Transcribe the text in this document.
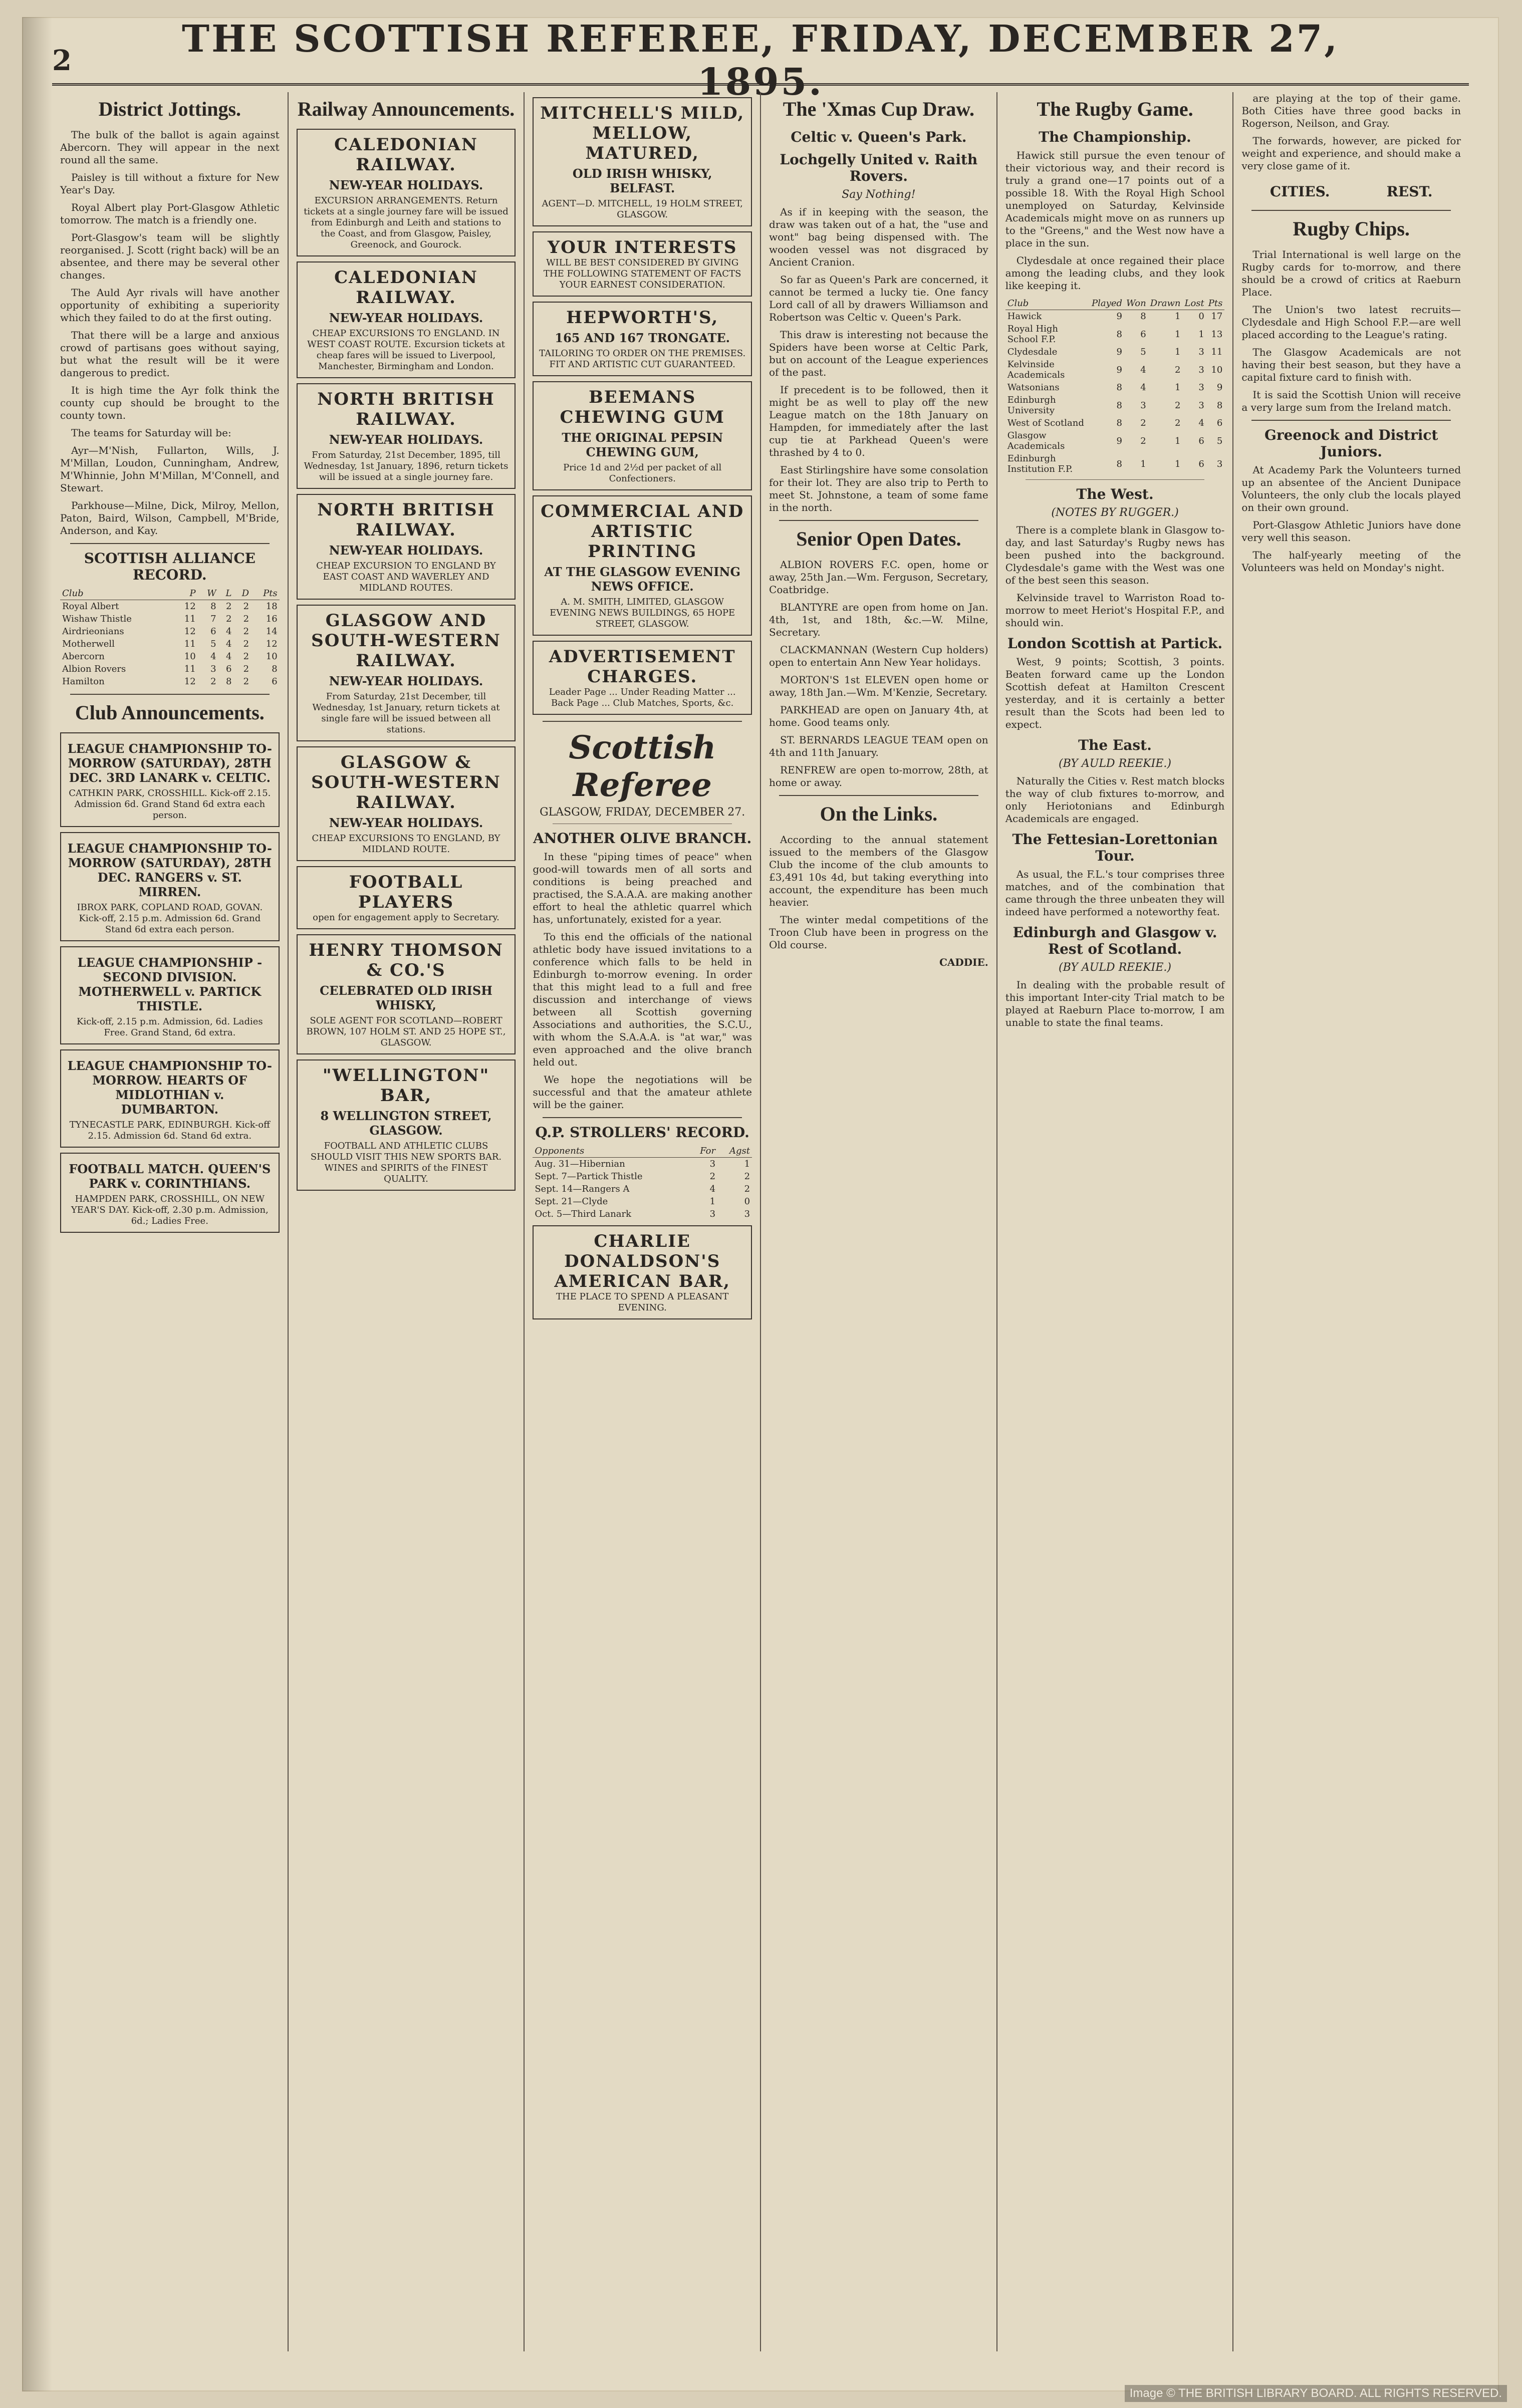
2	THE SCOTTISH REFEREE, FRIDAY, DECEMBER 27, 1895.
District Jottings.
The bulk of the ballot is again against Abercorn. They will appear in the next round all the same.
Paisley is till without a fixture for New Year's Day.
Royal Albert play Port-Glasgow Athletic tomorrow. The match is a friendly one.
Port-Glasgow's team will be slightly reorganised. J. Scott (right back) will be an absentee, and there may be several other changes.
The Auld Ayr rivals will have another opportunity of exhibiting a superiority which they failed to do at the first outing.
That there will be a large and anxious crowd of partisans goes without saying, but what the result will be it were dangerous to predict.
It is high time the Ayr folk think the county cup should be brought to the county town.
The teams for Saturday will be:
Ayr—M'Nish, Fullarton, Wills, J. M'Millan, Loudon, Cunningham, Andrew, M'Whinnie, John M'Millan, M'Connell, and Stewart.
Parkhouse—Milne, Dick, Milroy, Mellon, Paton, Baird, Wilson, Campbell, M'Bride, Anderson, and Kay.
SCOTTISH ALLIANCE RECORD.
Club	P	W	L	D	Pts
Royal Albert	12	8	2	2	18
Wishaw Thistle	11	7	2	2	16
Airdrieonians	12	6	4	2	14
Motherwell	11	5	4	2	12
Abercorn	10	4	4	2	10
Albion Rovers	11	3	6	2	8
Hamilton	12	2	8	2	6
Club Announcements.
LEAGUE CHAMPIONSHIP TO-MORROW (SATURDAY), 28TH DEC. 3RD LANARK v. CELTIC.
CATHKIN PARK, CROSSHILL. Kick-off 2.15. Admission 6d. Grand Stand 6d extra each person.
LEAGUE CHAMPIONSHIP TO-MORROW (SATURDAY), 28TH DEC. RANGERS v. ST. MIRREN.
IBROX PARK, COPLAND ROAD, GOVAN. Kick-off, 2.15 p.m. Admission 6d. Grand Stand 6d extra each person.
LEAGUE CHAMPIONSHIP - SECOND DIVISION. MOTHERWELL v. PARTICK THISTLE.
Kick-off, 2.15 p.m. Admission, 6d. Ladies Free. Grand Stand, 6d extra.
LEAGUE CHAMPIONSHIP TO-MORROW. HEARTS OF MIDLOTHIAN v. DUMBARTON.
TYNECASTLE PARK, EDINBURGH. Kick-off 2.15. Admission 6d. Stand 6d extra.
FOOTBALL MATCH. QUEEN'S PARK v. CORINTHIANS.
HAMPDEN PARK, CROSSHILL, ON NEW YEAR'S DAY. Kick-off, 2.30 p.m. Admission, 6d.; Ladies Free.
Railway Announcements.
CALEDONIAN RAILWAY.
NEW-YEAR HOLIDAYS.
EXCURSION ARRANGEMENTS. Return tickets at a single journey fare will be issued from Edinburgh and Leith and stations to the Coast, and from Glasgow, Paisley, Greenock, and Gourock.
CALEDONIAN RAILWAY.
NEW-YEAR HOLIDAYS.
CHEAP EXCURSIONS TO ENGLAND. IN WEST COAST ROUTE. Excursion tickets at cheap fares will be issued to Liverpool, Manchester, Birmingham and London.
NORTH BRITISH RAILWAY.
NEW-YEAR HOLIDAYS.
From Saturday, 21st December, 1895, till Wednesday, 1st January, 1896, return tickets will be issued at a single journey fare.
NORTH BRITISH RAILWAY.
NEW-YEAR HOLIDAYS.
CHEAP EXCURSION TO ENGLAND BY EAST COAST AND WAVERLEY AND MIDLAND ROUTES.
GLASGOW AND SOUTH-WESTERN RAILWAY.
NEW-YEAR HOLIDAYS.
From Saturday, 21st December, till Wednesday, 1st January, return tickets at single fare will be issued between all stations.
GLASGOW & SOUTH-WESTERN RAILWAY.
NEW-YEAR HOLIDAYS.
CHEAP EXCURSIONS TO ENGLAND, BY MIDLAND ROUTE.
FOOTBALL PLAYERS
open for engagement apply to Secretary.
HENRY THOMSON & CO.'S
CELEBRATED OLD IRISH WHISKY,
SOLE AGENT FOR SCOTLAND—ROBERT BROWN, 107 HOLM ST. AND 25 HOPE ST., GLASGOW.
"WELLINGTON" BAR,
8 WELLINGTON STREET, GLASGOW.
FOOTBALL AND ATHLETIC CLUBS SHOULD VISIT THIS NEW SPORTS BAR. WINES and SPIRITS of the FINEST QUALITY.
MITCHELL'S MILD, MELLOW, MATURED,
OLD IRISH WHISKY, BELFAST.
AGENT—D. MITCHELL, 19 HOLM STREET, GLASGOW.
YOUR INTERESTS
WILL BE BEST CONSIDERED BY GIVING THE FOLLOWING STATEMENT OF FACTS YOUR EARNEST CONSIDERATION.
HEPWORTH'S,
165 AND 167 TRONGATE.
TAILORING TO ORDER ON THE PREMISES. FIT AND ARTISTIC CUT GUARANTEED.
BEEMANS CHEWING GUM
THE ORIGINAL PEPSIN CHEWING GUM,
Price 1d and 2½d per packet of all Confectioners.
COMMERCIAL AND ARTISTIC PRINTING
AT THE GLASGOW EVENING NEWS OFFICE.
A. M. SMITH, LIMITED, GLASGOW EVENING NEWS BUILDINGS, 65 HOPE STREET, GLASGOW.
ADVERTISEMENT CHARGES.
Leader Page ... Under Reading Matter ... Back Page ... Club Matches, Sports, &c.
Scottish Referee
GLASGOW, FRIDAY, DECEMBER 27.
ANOTHER OLIVE BRANCH.
In these "piping times of peace" when good-will towards men of all sorts and conditions is being preached and practised, the S.A.A.A. are making another effort to heal the athletic quarrel which has, unfortunately, existed for a year.
To this end the officials of the national athletic body have issued invitations to a conference which falls to be held in Edinburgh to-morrow evening. In order that this might lead to a full and free discussion and interchange of views between all Scottish governing Associations and authorities, the S.C.U., with whom the S.A.A.A. is "at war," was even approached and the olive branch held out.
We hope the negotiations will be successful and that the amateur athlete will be the gainer.
Q.P. STROLLERS' RECORD.
Opponents	For	Agst
Aug. 31—Hibernian	3	1
Sept. 7—Partick Thistle	2	2
Sept. 14—Rangers A	4	2
Sept. 21—Clyde	1	0
Oct. 5—Third Lanark	3	3
CHARLIE DONALDSON'S AMERICAN BAR,
THE PLACE TO SPEND A PLEASANT EVENING.
The 'Xmas Cup Draw.
Celtic v. Queen's Park.
Lochgelly United v. Raith Rovers.
Say Nothing!
As if in keeping with the season, the draw was taken out of a hat, the "use and wont" bag being dispensed with. The wooden vessel was not disgraced by Ancient Cranion.
So far as Queen's Park are concerned, it cannot be termed a lucky tie. One fancy Lord call of all by drawers Williamson and Robertson was Celtic v. Queen's Park.
This draw is interesting not because the Spiders have been worse at Celtic Park, but on account of the League experiences of the past.
If precedent is to be followed, then it might be as well to play off the new League match on the 18th January on Hampden, for immediately after the last cup tie at Parkhead Queen's were thrashed by 4 to 0.
East Stirlingshire have some consolation for their lot. They are also trip to Perth to meet St. Johnstone, a team of some fame in the north.
Senior Open Dates.
ALBION ROVERS F.C. open, home or away, 25th Jan.—Wm. Ferguson, Secretary, Coatbridge.
BLANTYRE are open from home on Jan. 4th, 1st, and 18th, &c.—W. Milne, Secretary.
CLACKMANNAN (Western Cup holders) open to entertain Ann New Year holidays.
MORTON'S 1st ELEVEN open home or away, 18th Jan.—Wm. M'Kenzie, Secretary.
PARKHEAD are open on January 4th, at home. Good teams only.
ST. BERNARDS LEAGUE TEAM open on 4th and 11th January.
RENFREW are open to-morrow, 28th, at home or away.
On the Links.
According to the annual statement issued to the members of the Glasgow Club the income of the club amounts to £3,491 10s 4d, but taking everything into account, the expenditure has been much heavier.
The winter medal competitions of the Troon Club have been in progress on the Old course.
CADDIE.
The Rugby Game.
The Championship.
Hawick still pursue the even tenour of their victorious way, and their record is truly a grand one—17 points out of a possible 18. With the Royal High School unemployed on Saturday, Kelvinside Academicals might move on as runners up to the "Greens," and the West now have a place in the sun.
Clydesdale at once regained their place among the leading clubs, and they look like keeping it.
Club	Played	Won	Drawn	Lost	Pts
Hawick	9	8	1	0	17
Royal High School F.P.	8	6	1	1	13
Clydesdale	9	5	1	3	11
Kelvinside Academicals	9	4	2	3	10
Watsonians	8	4	1	3	9
Edinburgh University	8	3	2	3	8
West of Scotland	8	2	2	4	6
Glasgow Academicals	9	2	1	6	5
Edinburgh Institution F.P.	8	1	1	6	3
The West.
(NOTES BY RUGGER.)
There is a complete blank in Glasgow to-day, and last Saturday's Rugby news has been pushed into the background. Clydesdale's game with the West was one of the best seen this season.
Kelvinside travel to Warriston Road to-morrow to meet Heriot's Hospital F.P., and should win.
London Scottish at Partick.
West, 9 points; Scottish, 3 points. Beaten forward came up the London Scottish defeat at Hamilton Crescent yesterday, and it is certainly a better result than the Scots had been led to expect.
The East.
(BY AULD REEKIE.)
Naturally the Cities v. Rest match blocks the way of club fixtures to-morrow, and only Heriotonians and Edinburgh Academicals are engaged.
The Fettesian-Lorettonian Tour.
As usual, the F.L.'s tour comprises three matches, and of the combination that came through the three unbeaten they will indeed have performed a noteworthy feat.
Edinburgh and Glasgow v. Rest of Scotland.
(BY AULD REEKIE.)
In dealing with the probable result of this important Inter-city Trial match to be played at Raeburn Place to-morrow, I am unable to state the final teams.
are playing at the top of their game. Both Cities have three good backs in Rogerson, Neilson, and Gray.
The forwards, however, are picked for weight and experience, and should make a very close game of it.
CITIES.	REST.
Rugby Chips.
Trial International is well large on the Rugby cards for to-morrow, and there should be a crowd of critics at Raeburn Place.
The Union's two latest recruits—Clydesdale and High School F.P.—are well placed according to the League's rating.
The Glasgow Academicals are not having their best season, but they have a capital fixture card to finish with.
It is said the Scottish Union will receive a very large sum from the Ireland match.
Greenock and District Juniors.
At Academy Park the Volunteers turned up an absentee of the Ancient Dunipace Volunteers, the only club the locals played on their own ground.
Port-Glasgow Athletic Juniors have done very well this season.
The half-yearly meeting of the Volunteers was held on Monday's night.
Image © THE BRITISH LIBRARY BOARD. ALL RIGHTS RESERVED.
